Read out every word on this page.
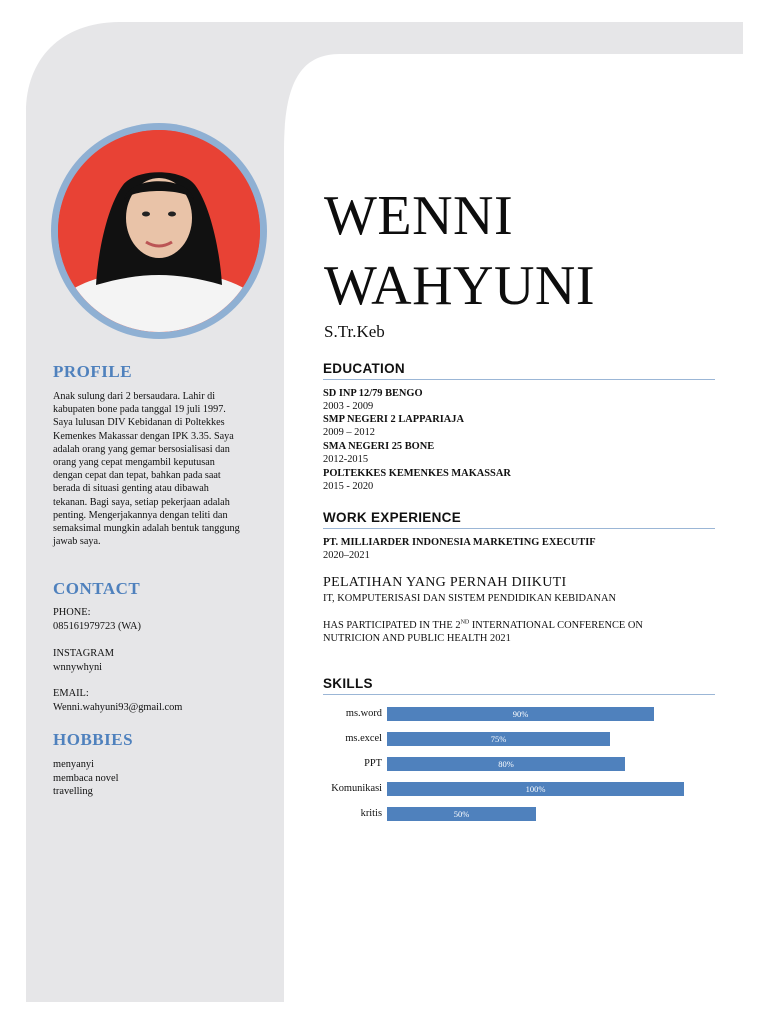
PROFILE
Anak sulung dari 2 bersaudara. Lahir di
kabupaten bone pada tanggal 19 juli 1997.
Saya lulusan DIV Kebidanan di Poltekkes
Kemenkes Makassar dengan IPK 3.35. Saya
adalah orang yang gemar bersosialisasi dan
orang yang cepat mengambil keputusan
dengan cepat dan tepat, bahkan pada saat
berada di situasi genting atau dibawah
tekanan. Bagi saya, setiap pekerjaan adalah
penting. Mengerjakannya dengan teliti dan
semaksimal mungkin adalah bentuk tanggung
jawab saya.
CONTACT
PHONE:
085161979723 (WA)
INSTAGRAM
wnnywhyni
EMAIL:
Wenni.wahyuni93@gmail.com
HOBBIES
menyanyi
membaca novel
travelling
WENNI
WAHYUNI

S.Tr.Keb

EDUCATION

SD INP 12/79 BENGO

2003 - 2009

SMP NEGERI 2 LAPPARIAJA

2009 – 2012

SMA NEGERI 25 BONE

2012-2015

POLTEKKES KEMENKES MAKASSAR

2015 - 2020

WORK EXPERIENCE

PT. MILLIARDER INDONESIA MARKETING EXECUTIF

2020–2021

PELATIHAN YANG PERNAH DIIKUTI

IT, KOMPUTERISASI DAN SISTEM PENDIDIKAN KEBIDANAN

HAS PARTICIPATED IN THE 2ND INTERNATIONAL CONFERENCE ON

NUTRICION AND PUBLIC HEALTH 2021

SKILLS
ms.word	90%
ms.excel	75%
PPT	80%
Komunikasi	100%
kritis	50%
